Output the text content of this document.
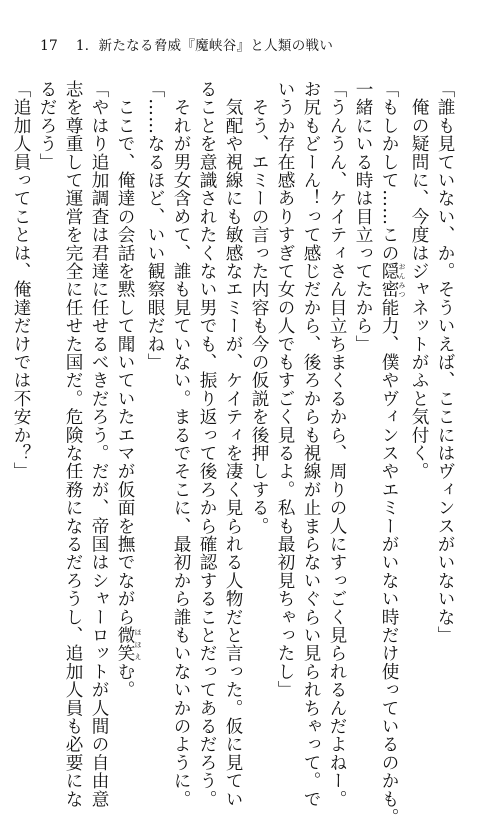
17 1．新たなる脅威『魔峡谷』と人類の戦い
「誰も見ていない、か。そういえば、ここにはヴィンスがいないな」
　俺の疑問に、今度はジャネットがふと気付く。
「もしかして……この隠密 おんみつ能力、僕やヴィンスやエミーがいない時だけ使っているのかも。
一緒にいる時は目立ってたから」
「うんうん、ケイティさん目立ちまくるから、周りの人にすっごく見られるんだよねー。
お尻もどーん！って感じだから、後ろからも視線が止まらないぐらい見られちゃって。で
いうか存在感ありすぎて女の人でもすごく見るよ。私も最初見ちゃったし」
　そう、エミーの言った内容も今の仮説を後押しする。
　気配や視線にも敏感なエミーが、ケイティを凄く見られる人物だと言った。仮に見てい
ることを意識されたくない男でも、振り返って後ろから確認することだってあるだろう。
　それが男女含めて、誰も見ていない。まるでそこに、最初から誰もいないかのように。
「……なるほど、いい観察眼だね」
　ここで、俺達の会話を黙して聞いていたエマが仮面を撫でながら微笑 ほほえむ。
「やはり追加調査は君達に任せるべきだろう。だが、帝国はシャーロットが人間の自由意
志を尊重して運営を完全に任せた国だ。危険な任務になるだろうし、追加人員も必要にな
るだろう」
「追加人員ってことは、俺達だけでは不安か？」
